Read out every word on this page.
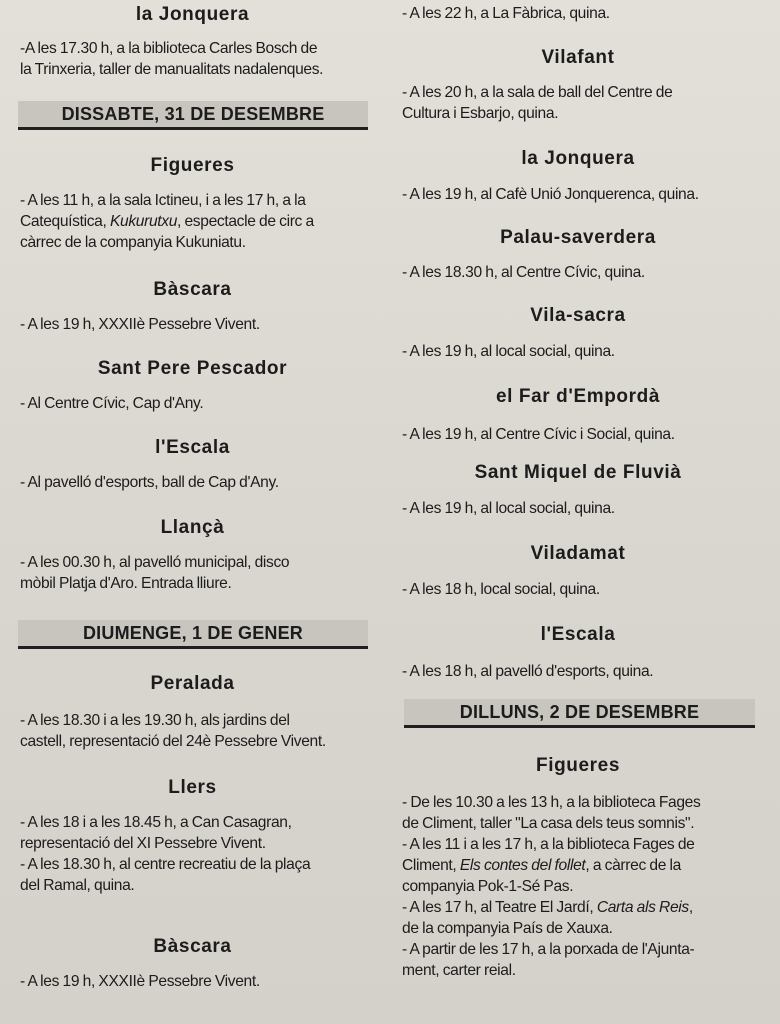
la Jonquera
-A les 17.30 h, a la biblioteca Carles Bosch de
la Trinxeria, taller de manualitats nadalenques.
DISSABTE, 31 DE DESEMBRE
Figueres
- A les 11 h, a la sala Ictineu, i a les 17 h, a la
Catequística, Kukurutxu, espectacle de circ a
càrrec de la companyia Kukuniatu.
Bàscara
- A les 19 h, XXXIIè Pessebre Vivent.
Sant Pere Pescador
- Al Centre Cívic, Cap d'Any.
l'Escala
- Al pavelló d'esports, ball de Cap d'Any.
Llançà
- A les 00.30 h, al pavelló municipal, disco
mòbil Platja d'Aro. Entrada lliure.
DIUMENGE, 1 DE GENER
Peralada
- A les 18.30 i a les 19.30 h, als jardins del
castell, representació del 24è Pessebre Vivent.
Llers
- A les 18 i a les 18.45 h, a Can Casagran,
representació del XI Pessebre Vivent.
- A les 18.30 h, al centre recreatiu de la plaça
del Ramal, quina.
Bàscara
- A les 19 h, XXXIIè Pessebre Vivent.
- A les 22 h, a La Fàbrica, quina.
Vilafant
- A les 20 h, a la sala de ball del Centre de
Cultura i Esbarjo, quina.
la Jonquera
- A les 19 h, al Cafè Unió Jonquerenca, quina.
Palau-saverdera
- A les 18.30 h, al Centre Cívic, quina.
Vila-sacra
- A les 19 h, al local social, quina.
el Far d'Empordà
- A les 19 h, al Centre Cívic i Social, quina.
Sant Miquel de Fluvià
- A les 19 h, al local social, quina.
Viladamat
- A les 18 h, local social, quina.
l'Escala
- A les 18 h, al pavelló d'esports, quina.
DILLUNS, 2 DE DESEMBRE
Figueres
- De les 10.30 a les 13 h, a la biblioteca Fages
de Climent, taller "La casa dels teus somnis".
- A les 11 i a les 17 h, a la biblioteca Fages de
Climent, Els contes del follet, a càrrec de la
companyia Pok-1-Sé Pas.
- A les 17 h, al Teatre El Jardí, Carta als Reis,
de la companyia País de Xauxa.
- A partir de les 17 h, a la porxada de l'Ajunta-
ment, carter reial.
